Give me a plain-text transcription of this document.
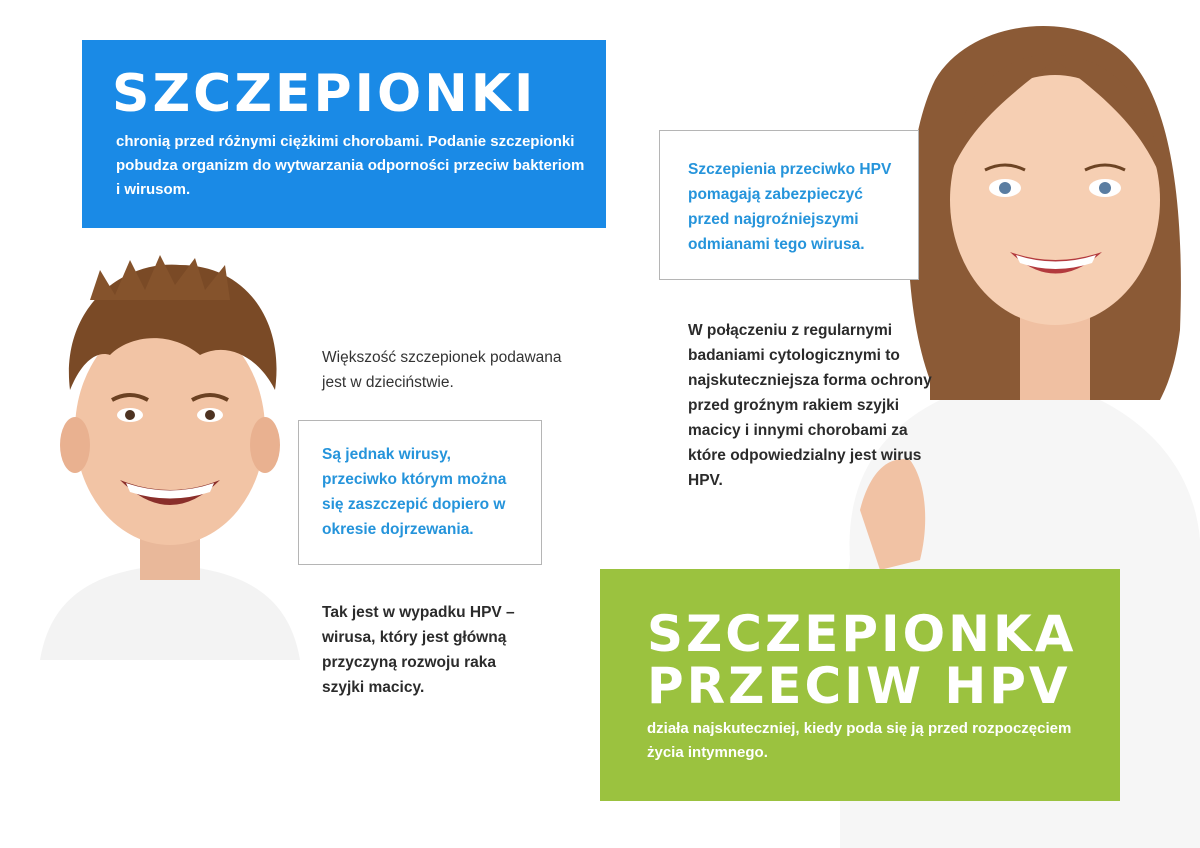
SZCZEPIONKI
chronią przed różnymi ciężkimi chorobami. Podanie szczepionki pobudza organizm do wytwarzania odporności przeciw bakteriom i wirusom.
Większość szczepionek podawana jest w dzieciństwie.
Są jednak wirusy, przeciwko którym można się zaszczepić dopiero w okresie dojrzewania.
Tak jest w wypadku HPV – wirusa, który jest główną przyczyną rozwoju raka szyjki macicy.
Szczepienia przeciwko HPV pomagają zabezpieczyć przed najgroźniejszymi odmianami tego wirusa.
W połączeniu z regularnymi badaniami cytologicznymi to najskuteczniejsza forma ochrony przed groźnym rakiem szyjki macicy i innymi chorobami za które odpowiedzialny jest wirus HPV.
SZCZEPIONKA
PRZECIW HPV
działa najskuteczniej, kiedy poda się ją przed rozpoczęciem życia intymnego.
